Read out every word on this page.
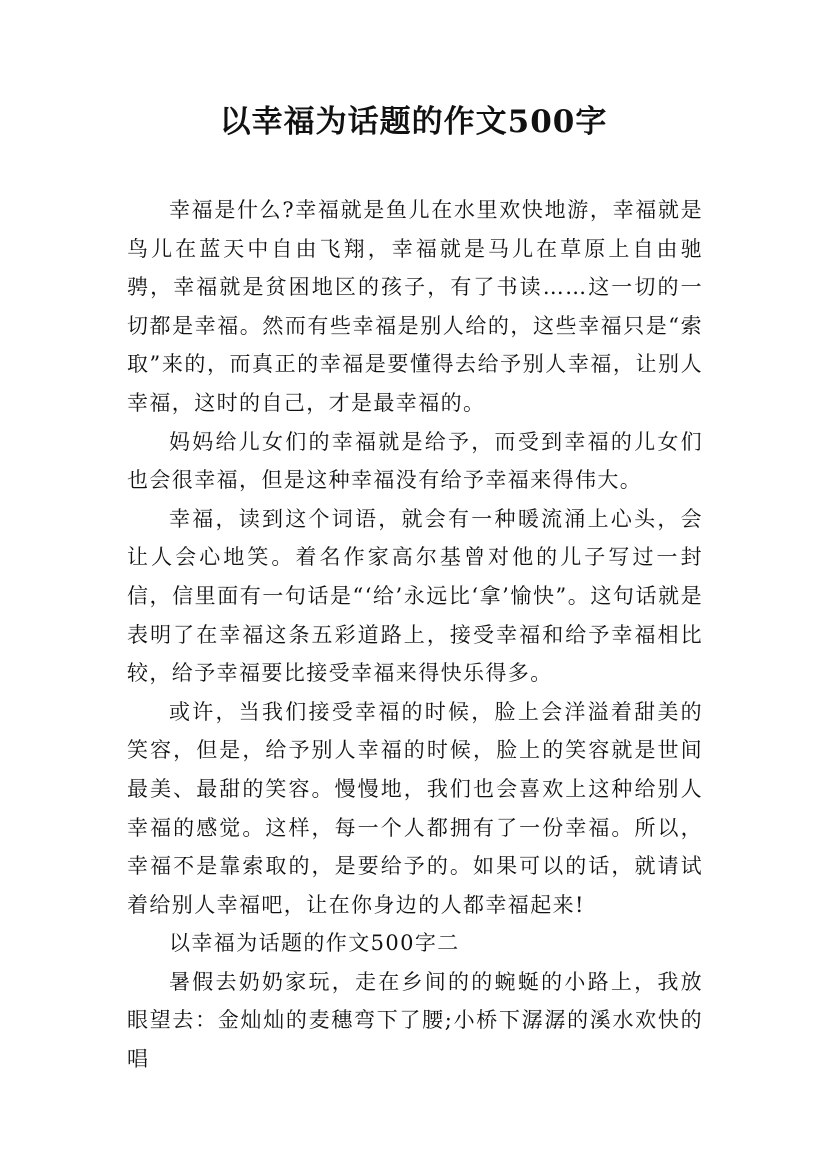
以幸福为话题的作文500字

幸福是什么?幸福就是鱼儿在水里欢快地游，幸福就是鸟儿在蓝天中自由飞翔，幸福就是马儿在草原上自由驰骋，幸福就是贫困地区的孩子，有了书读……这一切的一切都是幸福。然而有些幸福是别人给的，这些幸福只是“索取”来的，而真正的幸福是要懂得去给予别人幸福，让别人幸福，这时的自己，才是最幸福的。

妈妈给儿女们的幸福就是给予，而受到幸福的儿女们也会很幸福，但是这种幸福没有给予幸福来得伟大。

幸福，读到这个词语，就会有一种暖流涌上心头，会让人会心地笑。着名作家高尔基曾对他的儿子写过一封信，信里面有一句话是“‘给’永远比‘拿’愉快”。这句话就是表明了在幸福这条五彩道路上，接受幸福和给予幸福相比较，给予幸福要比接受幸福来得快乐得多。

或许，当我们接受幸福的时候，脸上会洋溢着甜美的笑容，但是，给予别人幸福的时候，脸上的笑容就是世间最美、最甜的笑容。慢慢地，我们也会喜欢上这种给别人幸福的感觉。这样，每一个人都拥有了一份幸福。所以，幸福不是靠索取的，是要给予的。如果可以的话，就请试着给别人幸福吧，让在你身边的人都幸福起来!

以幸福为话题的作文500字二

暑假去奶奶家玩，走在乡间的的蜿蜒的小路上，我放眼望去：金灿灿的麦穗弯下了腰;小桥下潺潺的溪水欢快的唱
